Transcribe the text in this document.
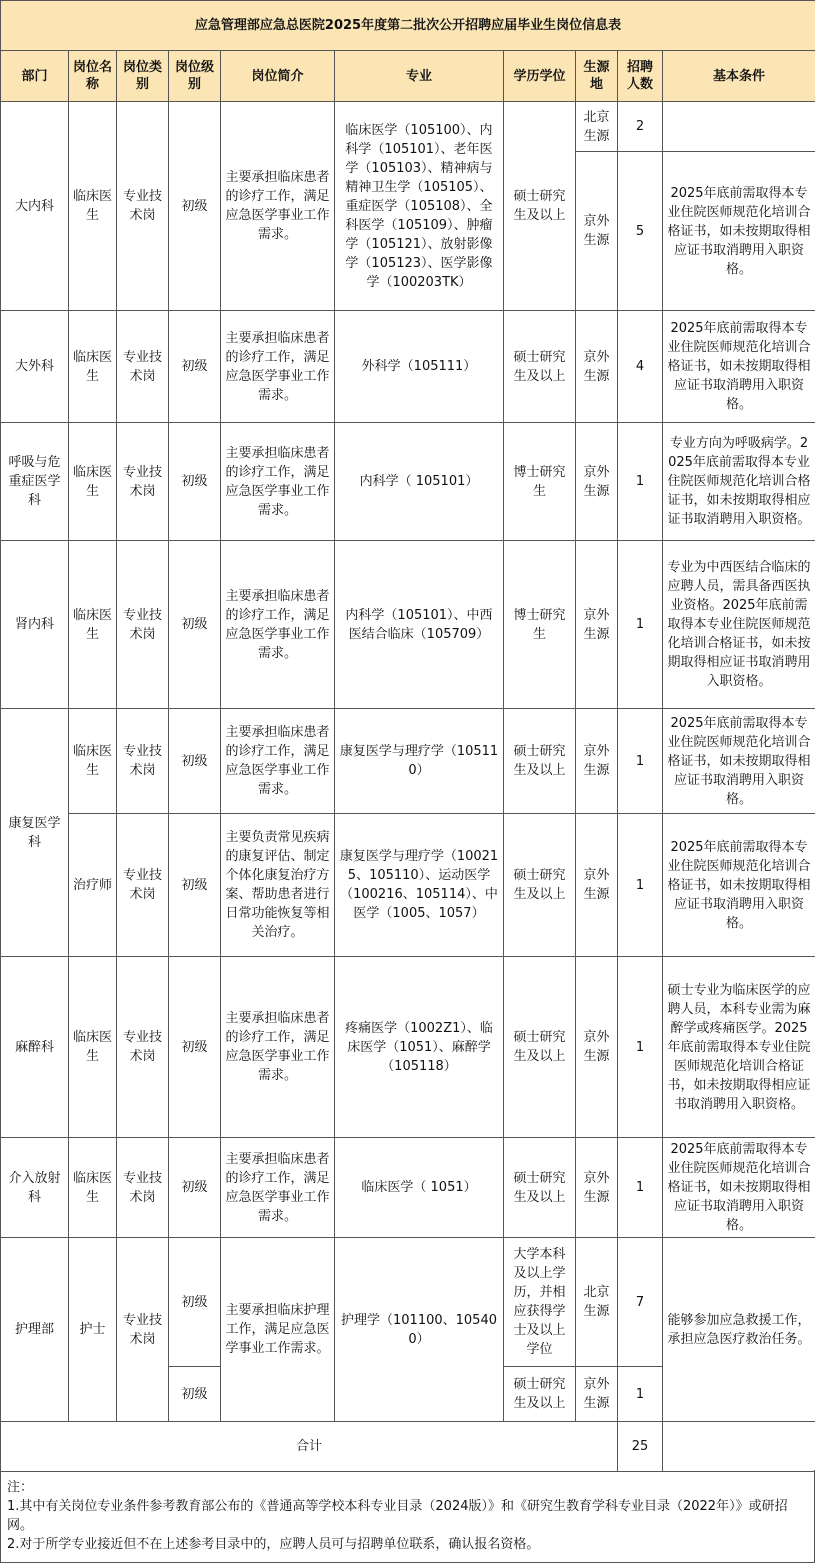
应急管理部应急总医院2025年度第二批次公开招聘应届毕业生岗位信息表									
部门	岗位名称	岗位类别	岗位级别	岗位简介	专业	学历学位	生源地	招聘人数	基本条件
大内科	临床医生	专业技术岗	初级	主要承担临床患者的诊疗工作，满足应急医学事业工作需求。	临床医学（105100）、内科学（105101）、老年医学（105103）、精神病与精神卫生学（105105）、重症医学（105108）、全科医学（105109）、肿瘤学（105121）、放射影像学（105123）、医学影像学（100203TK）	硕士研究生及以上	北京生源	2	
							京外生源	5	2025年底前需取得本专业住院医师规范化培训合格证书，如未按期取得相应证书取消聘用入职资格。
大外科	临床医生	专业技术岗	初级	主要承担临床患者的诊疗工作，满足应急医学事业工作需求。	外科学（105111）	硕士研究生及以上	京外生源	4	2025年底前需取得本专业住院医师规范化培训合格证书，如未按期取得相应证书取消聘用入职资格。
呼吸与危重症医学科	临床医生	专业技术岗	初级	主要承担临床患者的诊疗工作，满足应急医学事业工作需求。	内科学（ 105101）	博士研究生	京外生源	1	专业方向为呼吸病学。2025年底前需取得本专业住院医师规范化培训合格证书，如未按期取得相应证书取消聘用入职资格。
肾内科	临床医生	专业技术岗	初级	主要承担临床患者的诊疗工作，满足应急医学事业工作需求。	内科学（105101）、中西医结合临床（105709）	博士研究生	京外生源	1	专业为中西医结合临床的应聘人员，需具备西医执业资格。2025年底前需取得本专业住院医师规范化培训合格证书，如未按期取得相应证书取消聘用入职资格。
康复医学科	临床医生	专业技术岗	初级	主要承担临床患者的诊疗工作，满足应急医学事业工作需求。	康复医学与理疗学（105110）	硕士研究生及以上	京外生源	1	2025年底前需取得本专业住院医师规范化培训合格证书，如未按期取得相应证书取消聘用入职资格。
	治疗师	专业技术岗	初级	主要负责常见疾病的康复评估、制定个体化康复治疗方案、帮助患者进行日常功能恢复等相关治疗。	康复医学与理疗学（100215、105110）、运动医学（100216、105114）、中医学（1005、1057）	硕士研究生及以上	京外生源	1	2025年底前需取得本专业住院医师规范化培训合格证书，如未按期取得相应证书取消聘用入职资格。
麻醉科	临床医生	专业技术岗	初级	主要承担临床患者的诊疗工作，满足应急医学事业工作需求。	疼痛医学（1002Z1）、临床医学（1051）、麻醉学（105118）	硕士研究生及以上	京外生源	1	硕士专业为临床医学的应聘人员，本科专业需为麻醉学或疼痛医学。2025年底前需取得本专业住院医师规范化培训合格证书，如未按期取得相应证书取消聘用入职资格。
介入放射科	临床医生	专业技术岗	初级	主要承担临床患者的诊疗工作，满足应急医学事业工作需求。	临床医学（ 1051）	硕士研究生及以上	京外生源	1	2025年底前需取得本专业住院医师规范化培训合格证书，如未按期取得相应证书取消聘用入职资格。
护理部	护士	专业技术岗	初级	主要承担临床护理工作，满足应急医学事业工作需求。	护理学（101100、105400）	大学本科及以上学历，并相应获得学士及以上学位	北京生源	7	能够参加应急救援工作，承担应急医疗救治任务。
			初级			硕士研究生及以上	京外生源	1	
合计								25	

注：

1.其中有关岗位专业条件参考教育部公布的《普通高等学校本科专业目录（2024版）》和《研究生教育学科专业目录（2022年）》或研招网。

2.对于所学专业接近但不在上述参考目录中的，应聘人员可与招聘单位联系，确认报名资格。
